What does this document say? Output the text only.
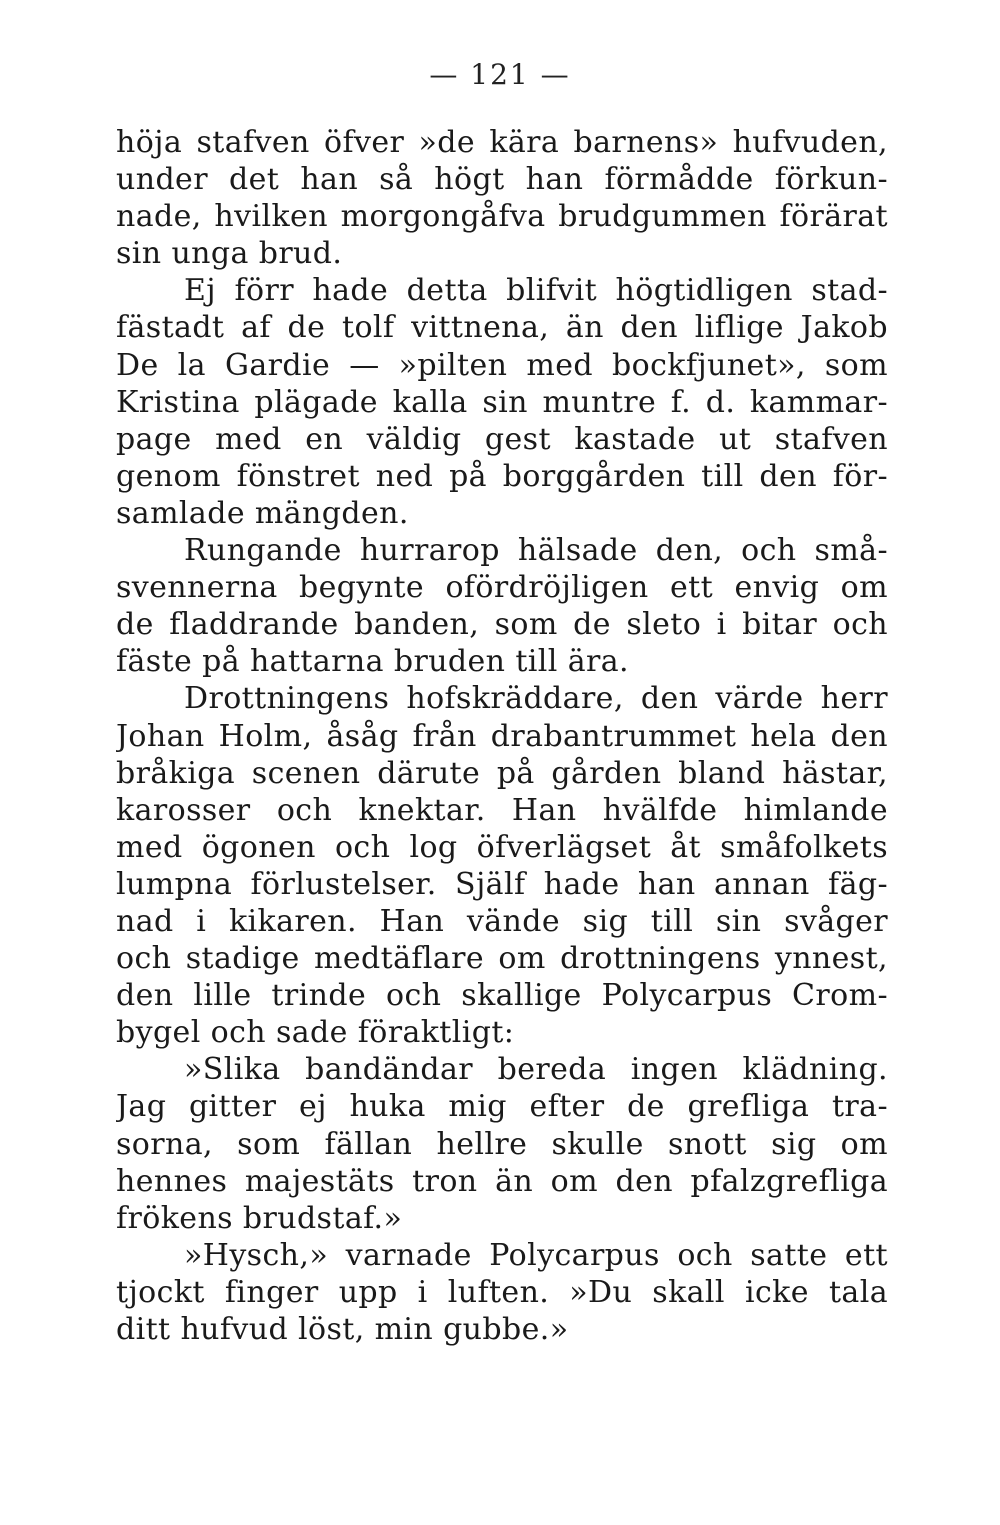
— 121 —
höja stafven öfver »de kära barnens» hufvuden,
under det han så högt han förmådde förkun-
nade, hvilken morgongåfva brudgummen förärat
sin unga brud.
Ej förr hade detta blifvit högtidligen stad-
fästadt af de tolf vittnena, än den liflige Jakob
De la Gardie — »pilten med bockfjunet», som
Kristina plägade kalla sin muntre f. d. kammar-
page med en väldig gest kastade ut stafven
genom fönstret ned på borggården till den för-
samlade mängden.
Rungande hurrarop hälsade den, och små-
svennerna begynte ofördröjligen ett envig om
de fladdrande banden, som de sleto i bitar och
fäste på hattarna bruden till ära.
Drottningens hofskräddare, den värde herr
Johan Holm, åsåg från drabantrummet hela den
bråkiga scenen därute på gården bland hästar,
karosser och knektar. Han hvälfde himlande
med ögonen och log öfverlägset åt småfolkets
lumpna förlustelser. Själf hade han annan fäg-
nad i kikaren. Han vände sig till sin svåger
och stadige medtäflare om drottningens ynnest,
den lille trinde och skallige Polycarpus Crom-
bygel och sade föraktligt:
»Slika bandändar bereda ingen klädning.
Jag gitter ej huka mig efter de grefliga tra-
sorna, som fällan hellre skulle snott sig om
hennes majestäts tron än om den pfalzgrefliga
frökens brudstaf.»
»Hysch,» varnade Polycarpus och satte ett
tjockt finger upp i luften. »Du skall icke tala
ditt hufvud löst, min gubbe.»
